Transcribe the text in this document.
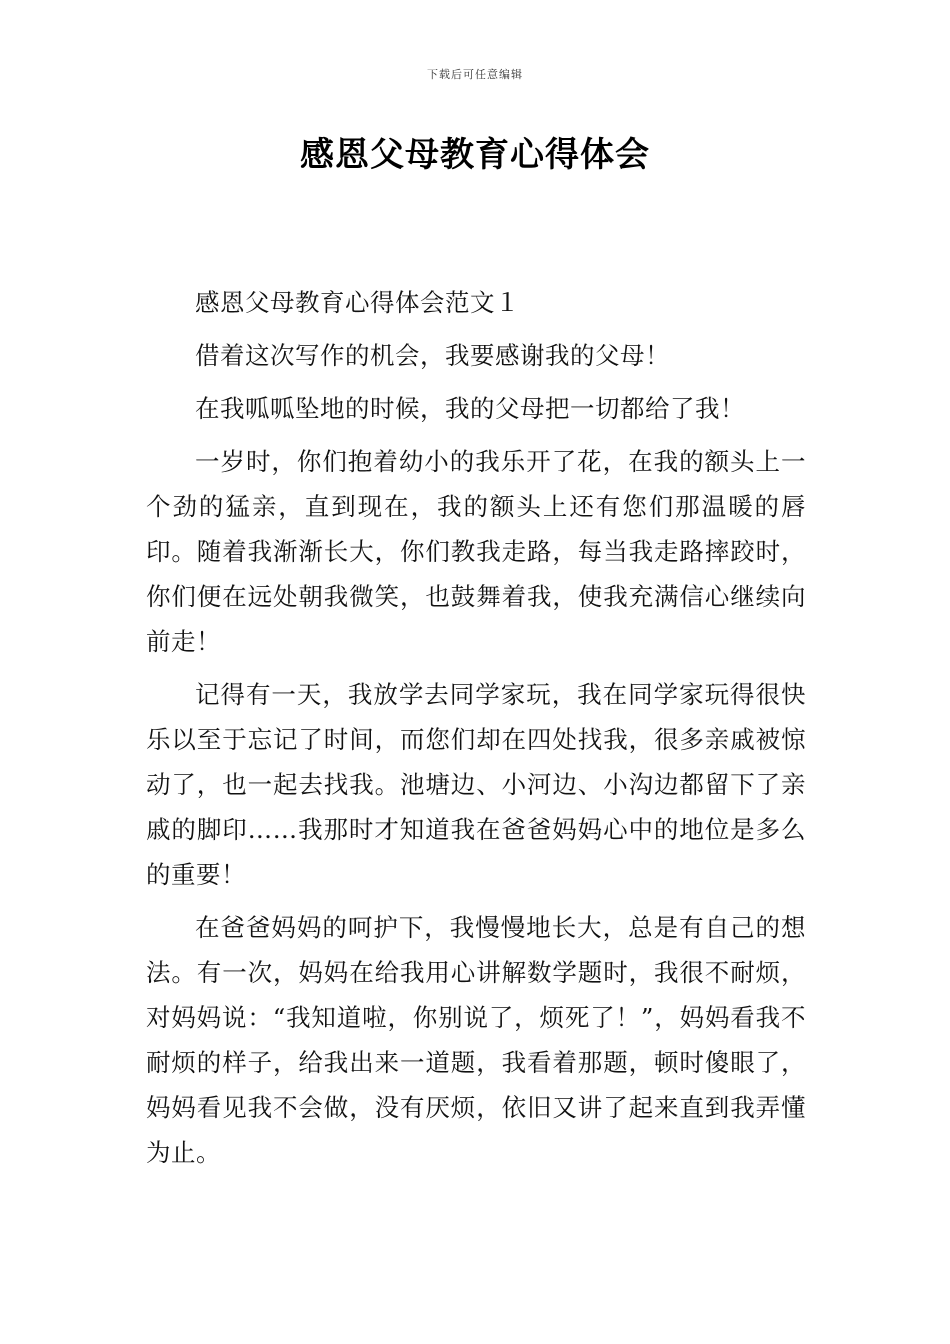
下载后可任意编辑
感恩父母教育心得体会

感恩父母教育心得体会范文１

借着这次写作的机会，我要感谢我的父母！

在我呱呱坠地的时候，我的父母把一切都给了我！

一岁时，你们抱着幼小的我乐开了花，在我的额头上一个劲的猛亲，直到现在，我的额头上还有您们那温暖的唇印。随着我渐渐长大，你们教我走路，每当我走路摔跤时，你们便在远处朝我微笑，也鼓舞着我，使我充满信心继续向前走！

记得有一天，我放学去同学家玩，我在同学家玩得很快乐以至于忘记了时间，而您们却在四处找我，很多亲戚被惊动了，也一起去找我。池塘边、小河边、小沟边都留下了亲戚的脚印……我那时才知道我在爸爸妈妈心中的地位是多么的重要！

在爸爸妈妈的呵护下，我慢慢地长大，总是有自己的想法。有一次，妈妈在给我用心讲解数学题时，我很不耐烦，对妈妈说：“我知道啦，你别说了，烦死了！”，妈妈看我不耐烦的样子，给我出来一道题，我看着那题，顿时傻眼了，妈妈看见我不会做，没有厌烦，依旧又讲了起来直到我弄懂为止。
